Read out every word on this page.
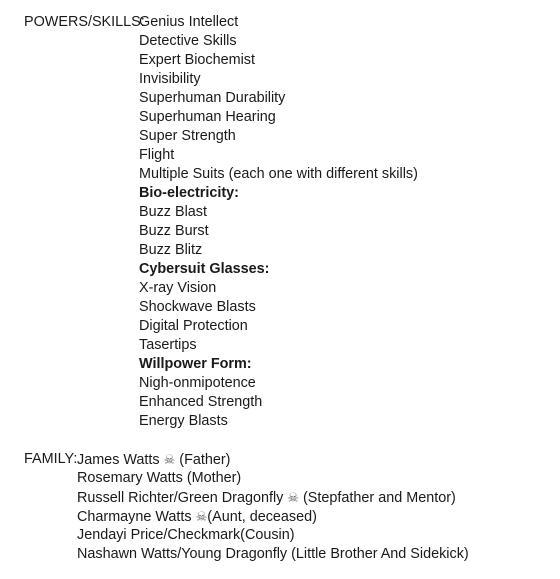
POWERS/SKILLS:
Genius Intellect
Detective Skills
Expert Biochemist
Invisibility
Superhuman Durability
Superhuman Hearing
Super Strength
Flight
Multiple Suits (each one with different skills)
Bio-electricity:
Buzz Blast
Buzz Burst
Buzz Blitz
Cybersuit Glasses:
X-ray Vision
Shockwave Blasts
Digital Protection
Tasertips
Willpower Form:
Nigh-onmipotence
Enhanced Strength
Energy Blasts
FAMILY: James Watts ☠ (Father)
Rosemary Watts (Mother)
Russell Richter/Green Dragonfly ☠ (Stepfather and Mentor)
Charmayne Watts ☠(Aunt, deceased)
Jendayi Price/Checkmark(Cousin)
Nashawn Watts/Young Dragonfly (Little Brother And Sidekick)
